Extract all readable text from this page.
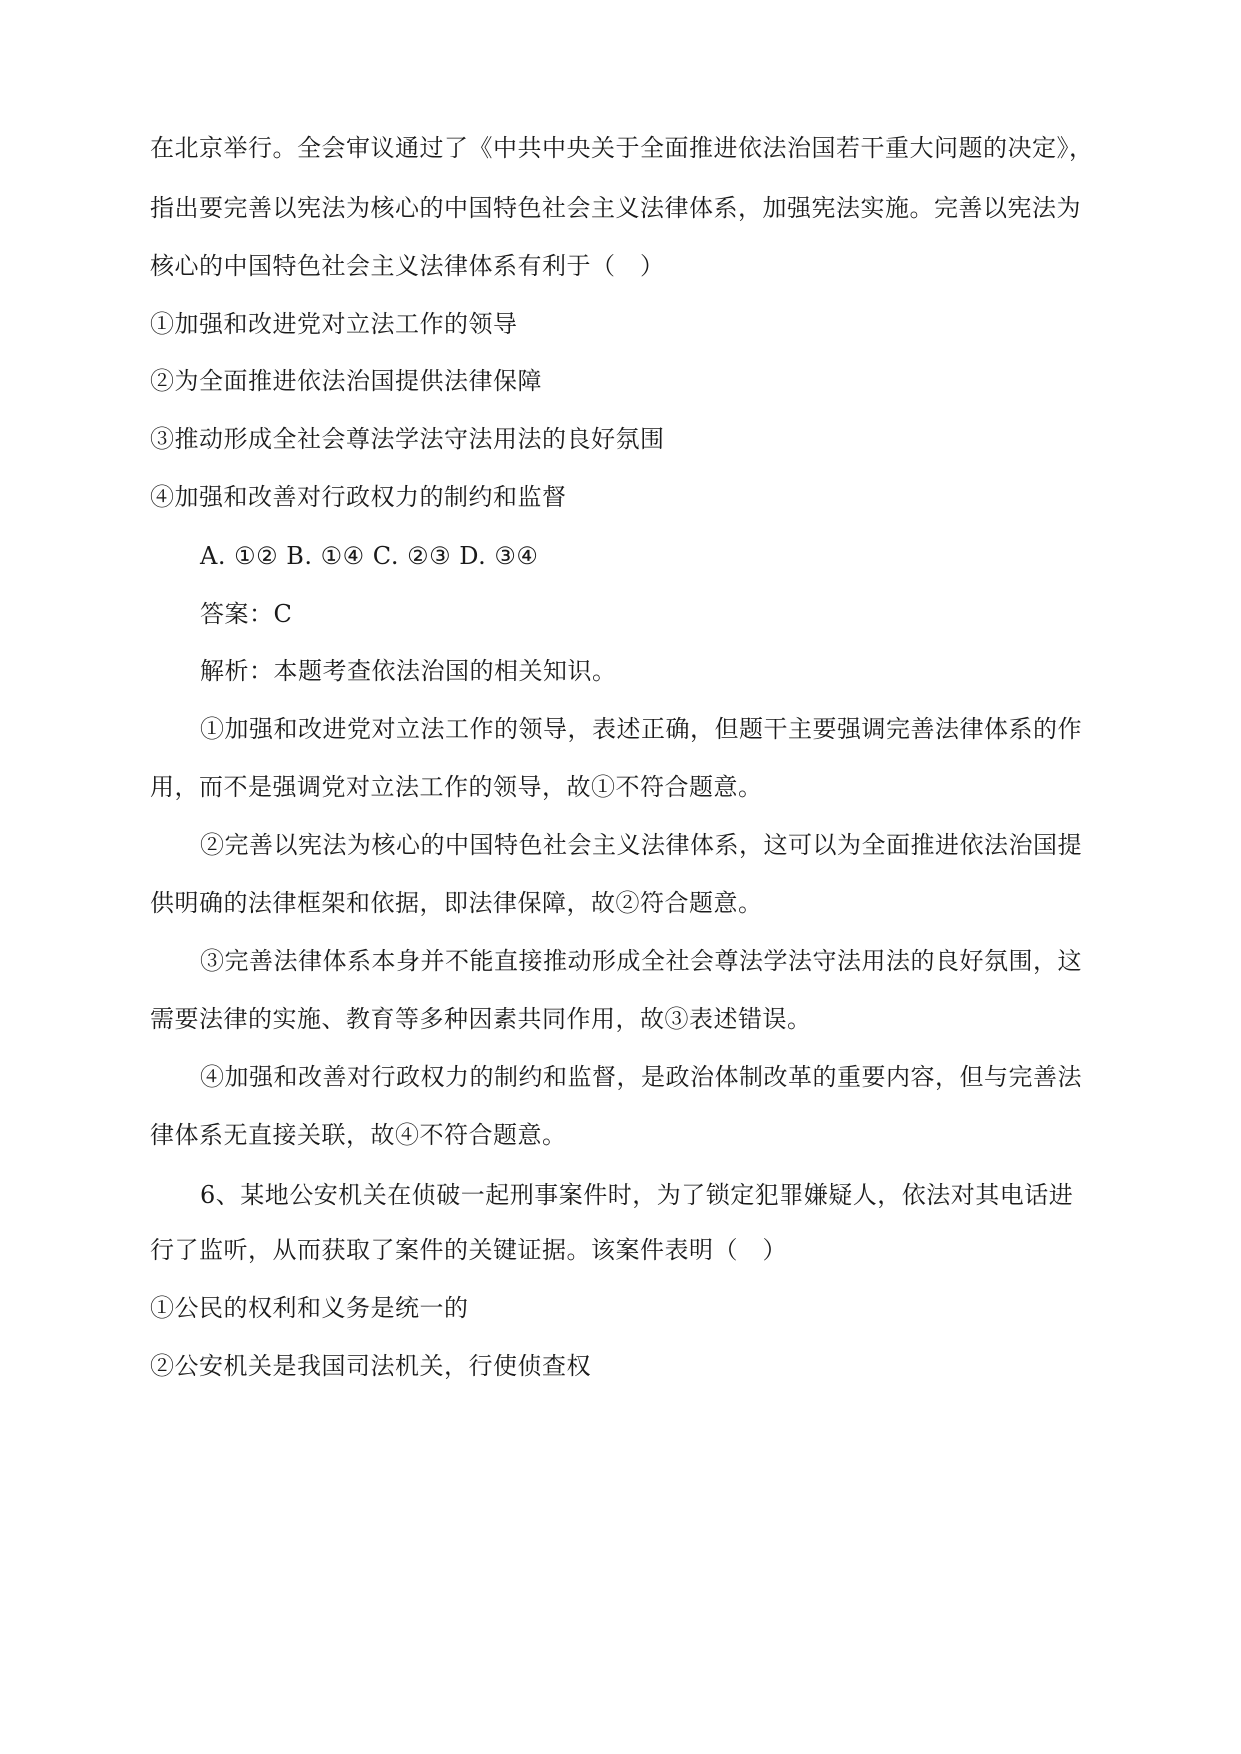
在北京举行。全会审议通过了《中共中央关于全面推进依法治国若干重大问题的决定》，
指出要完善以宪法为核心的中国特色社会主义法律体系，加强宪法实施。完善以宪法为
核心的中国特色社会主义法律体系有利于（　）
①加强和改进党对立法工作的领导
②为全面推进依法治国提供法律保障
③推动形成全社会尊法学法守法用法的良好氛围
④加强和改善对行政权力的制约和监督
A. ①② B. ①④ C. ②③ D. ③④
答案：C
解析：本题考查依法治国的相关知识。
①加强和改进党对立法工作的领导，表述正确，但题干主要强调完善法律体系的作
用，而不是强调党对立法工作的领导，故①不符合题意。
②完善以宪法为核心的中国特色社会主义法律体系，这可以为全面推进依法治国提
供明确的法律框架和依据，即法律保障，故②符合题意。
③完善法律体系本身并不能直接推动形成全社会尊法学法守法用法的良好氛围，这
需要法律的实施、教育等多种因素共同作用，故③表述错误。
④加强和改善对行政权力的制约和监督，是政治体制改革的重要内容，但与完善法
律体系无直接关联，故④不符合题意。
6、某地公安机关在侦破一起刑事案件时，为了锁定犯罪嫌疑人，依法对其电话进
行了监听，从而获取了案件的关键证据。该案件表明（　）
①公民的权利和义务是统一的
②公安机关是我国司法机关，行使侦查权
